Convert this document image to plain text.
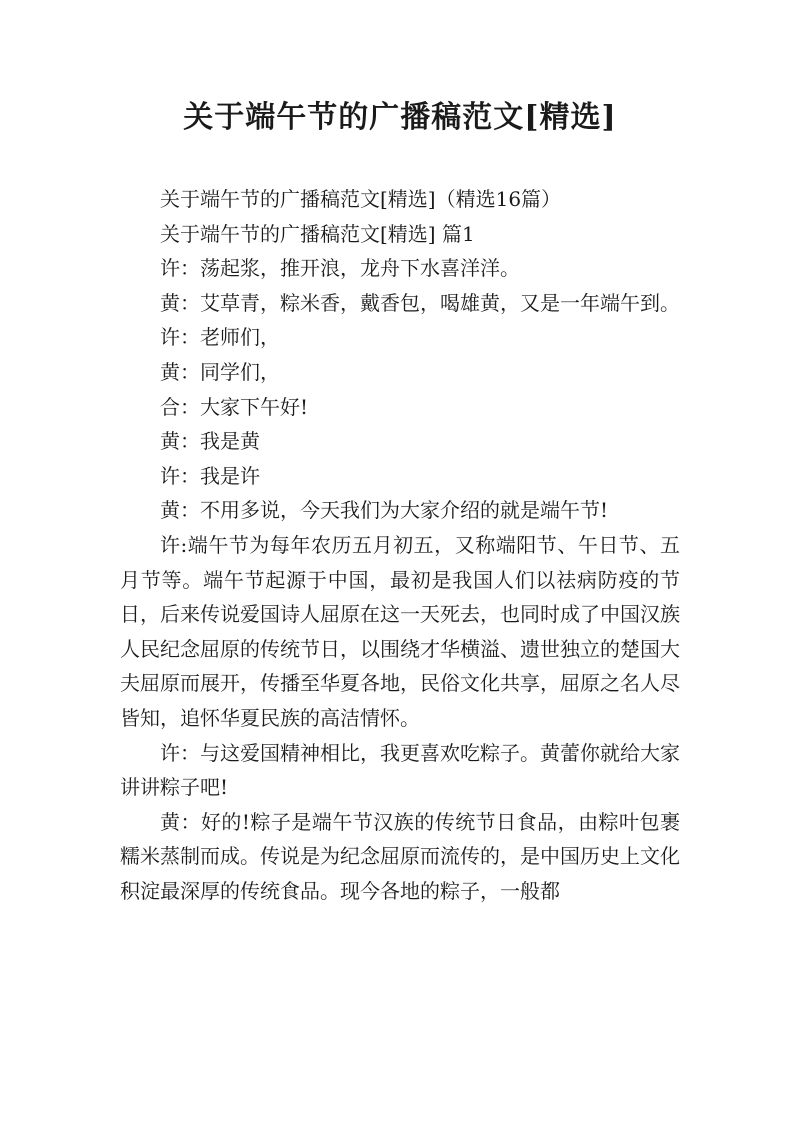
关于端午节的广播稿范文[精选]

关于端午节的广播稿范文[精选]（精选16篇）

关于端午节的广播稿范文[精选] 篇1

许：荡起浆，推开浪，龙舟下水喜洋洋。

黄：艾草青，粽米香，戴香包，喝雄黄，又是一年端午到。

许：老师们，

黄：同学们，

合：大家下午好!

黄：我是黄

许：我是许

黄：不用多说，今天我们为大家介绍的就是端午节!

许:端午节为每年农历五月初五，又称端阳节、午日节、五月节等。端午节起源于中国，最初是我国人们以祛病防疫的节日，后来传说爱国诗人屈原在这一天死去，也同时成了中国汉族人民纪念屈原的传统节日，以围绕才华横溢、遗世独立的楚国大夫屈原而展开，传播至华夏各地，民俗文化共享，屈原之名人尽皆知，追怀华夏民族的高洁情怀。

许：与这爱国精神相比，我更喜欢吃粽子。黄蕾你就给大家讲讲粽子吧!

黄：好的!粽子是端午节汉族的传统节日食品，由粽叶包裹糯米蒸制而成。传说是为纪念屈原而流传的，是中国历史上文化积淀最深厚的传统食品。现今各地的粽子，一般都
